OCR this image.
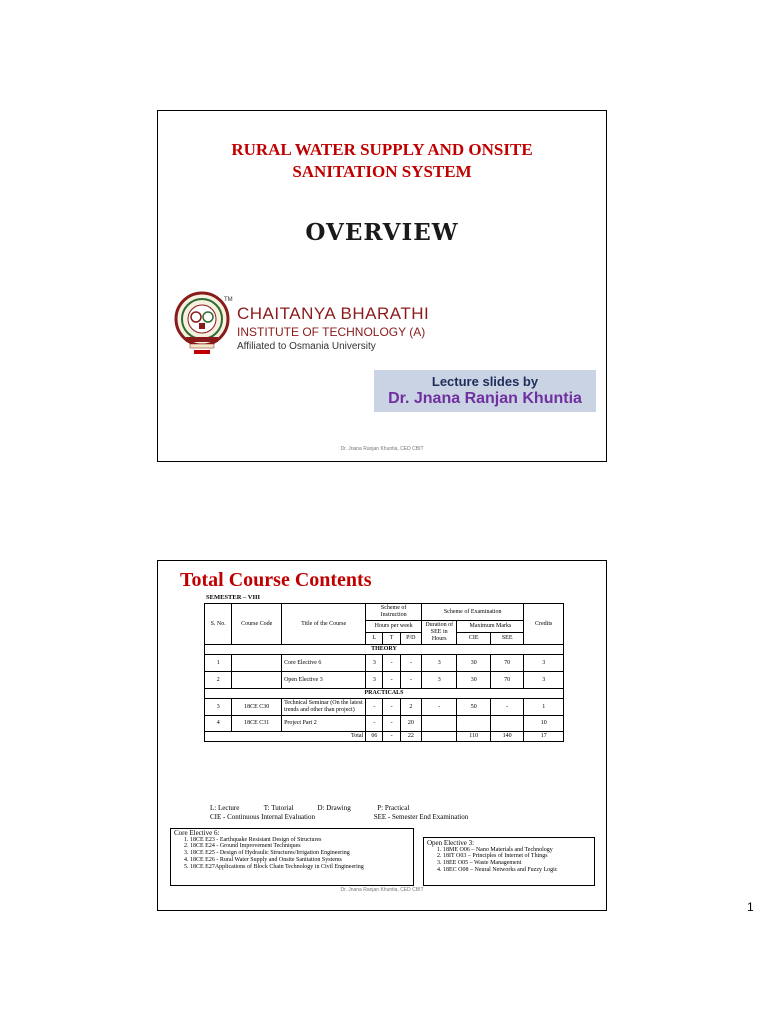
RURAL WATER SUPPLY AND ONSITE
SANITATION SYSTEM
OVERVIEW
TM
CHAITANYA BHARATHI
INSTITUTE OF TECHNOLOGY (A)
Affiliated to Osmania University
Lecture slides by
Dr. Jnana Ranjan Khuntia
Dr. Jnana Ranjan Khuntia, CED CBIT
Total Course Contents
SEMESTER – VIII
S. No.	Course Code	Title of the Course	Scheme of Instruction			Scheme of Examination			Credits
			Hours per week			Duration of SEE in Hours	Maximum Marks		
			L	T	P/D		CIE	SEE	
THEORY									
1		Core Elective 6	3	-	-	3	30	70	3
2		Open Elective 3	3	-	-	3	30	70	3
PRACTICALS									
3	18CE C30	Technical Seminar (On the latest trends and other than project)	-	-	2	-	50	-	1
4	18CE C31	Project Part 2	-	-	20				10
Total			06	-	22		110	140	17
L: Lecture	T: Tutorial	D: Drawing	P: Practical
CIE - Continuous Internal Evaluation	SEE - Semester End Examination
Core Elective 6:
1. 18CE E23 - Earthquake Resistant Design of Structures
2. 18CE E24 - Ground Improvement Techniques
3. 18CE E25 - Design of Hydraulic Structures/Irrigation Engineering
4. 18CE E26 - Rural Water Supply and Onsite Sanitation Systems
5. 18CE E27Applications of Block Chain Technology in Civil Engineering
Open Elective 3:
1. 18ME O06 – Nano Materials and Technology
2. 18IT O03 – Principles of Internet of Things
3. 18EE O05 – Waste Management
4. 18EC O08 – Neural Networks and Fuzzy Logic
Dr. Jnana Ranjan Khuntia, CED CBIT
1
